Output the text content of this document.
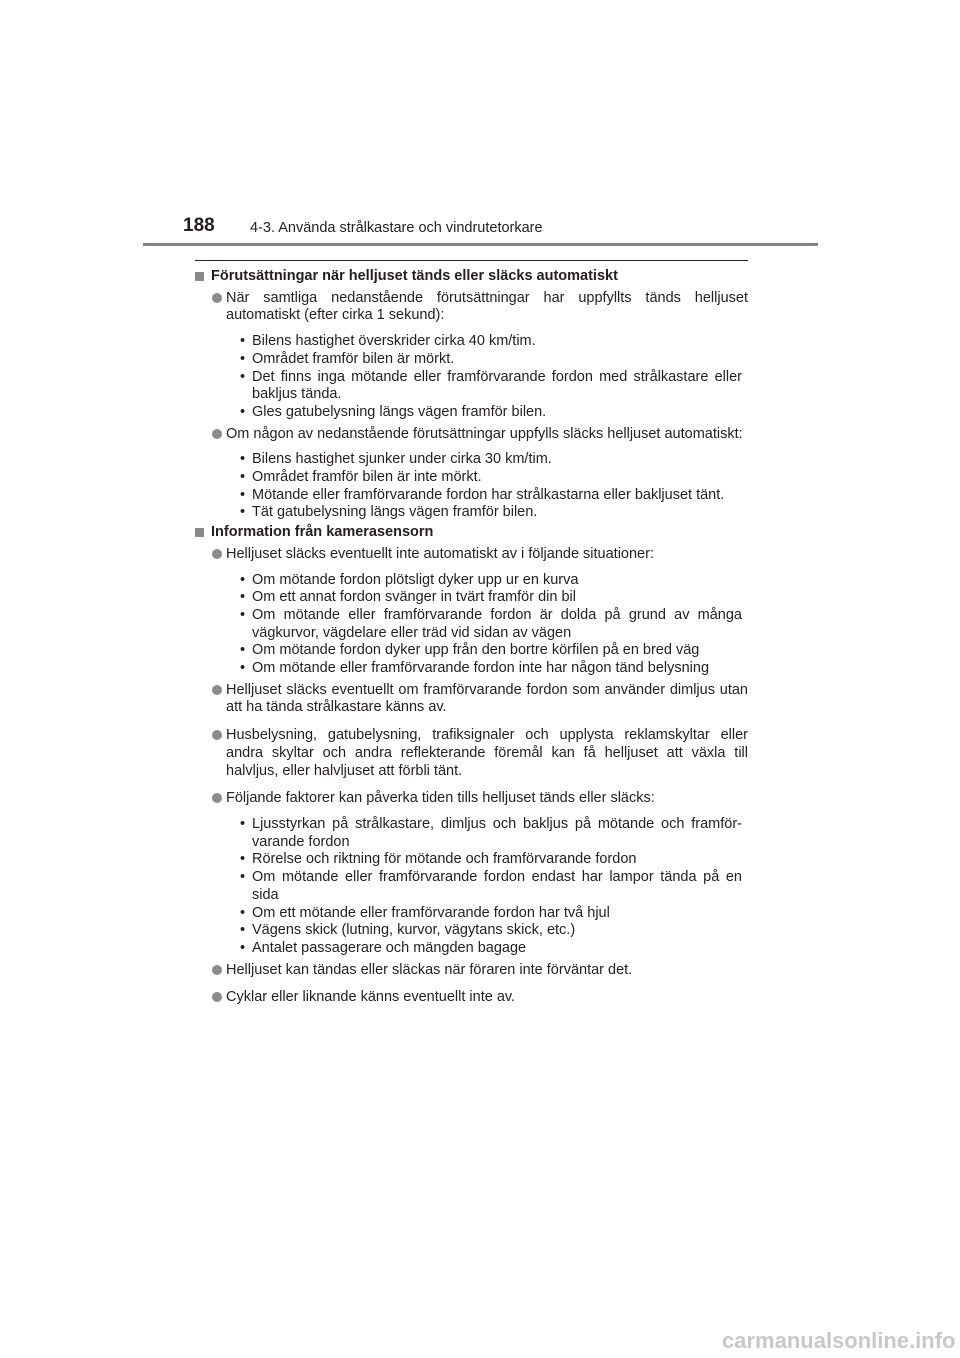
188 4-3. Använda strålkastare och vindrutetorkare
Förutsättningar när helljuset tänds eller släcks automatiskt
När samtliga nedanstående förutsättningar har uppfyllts tänds helljuset automatiskt (efter cirka 1 sekund):
• Bilens hastighet överskrider cirka 40 km/tim.
• Området framför bilen är mörkt.
• Det finns inga mötande eller framförvarande fordon med strålkastare eller bakljus tända.
• Gles gatubelysning längs vägen framför bilen.
Om någon av nedanstående förutsättningar uppfylls släcks helljuset automatiskt:
• Bilens hastighet sjunker under cirka 30 km/tim.
• Området framför bilen är inte mörkt.
• Mötande eller framförvarande fordon har strålkastarna eller bakljuset tänt.
• Tät gatubelysning längs vägen framför bilen.
Information från kamerasensorn
Helljuset släcks eventuellt inte automatiskt av i följande situationer:
• Om mötande fordon plötsligt dyker upp ur en kurva
• Om ett annat fordon svänger in tvärt framför din bil
• Om mötande eller framförvarande fordon är dolda på grund av många vägkurvor, vägdelare eller träd vid sidan av vägen
• Om mötande fordon dyker upp från den bortre körfilen på en bred väg
• Om mötande eller framförvarande fordon inte har någon tänd belysning
Helljuset släcks eventuellt om framförvarande fordon som använder dimljus utan att ha tända strålkastare känns av.
Husbelysning, gatubelysning, trafiksignaler och upplysta reklamskyltar eller andra skyltar och andra reflekterande föremål kan få helljuset att växla till halvljus, eller halvljuset att förbli tänt.
Följande faktorer kan påverka tiden tills helljuset tänds eller släcks:
• Ljusstyrkan på strålkastare, dimljus och bakljus på mötande och framförvarande fordon
• Rörelse och riktning för mötande och framförvarande fordon
• Om mötande eller framförvarande fordon endast har lampor tända på en sida
• Om ett mötande eller framförvarande fordon har två hjul
• Vägens skick (lutning, kurvor, vägytans skick, etc.)
• Antalet passagerare och mängden bagage
Helljuset kan tändas eller släckas när föraren inte förväntar det.
Cyklar eller liknande känns eventuellt inte av.
carmanualsonline.info
